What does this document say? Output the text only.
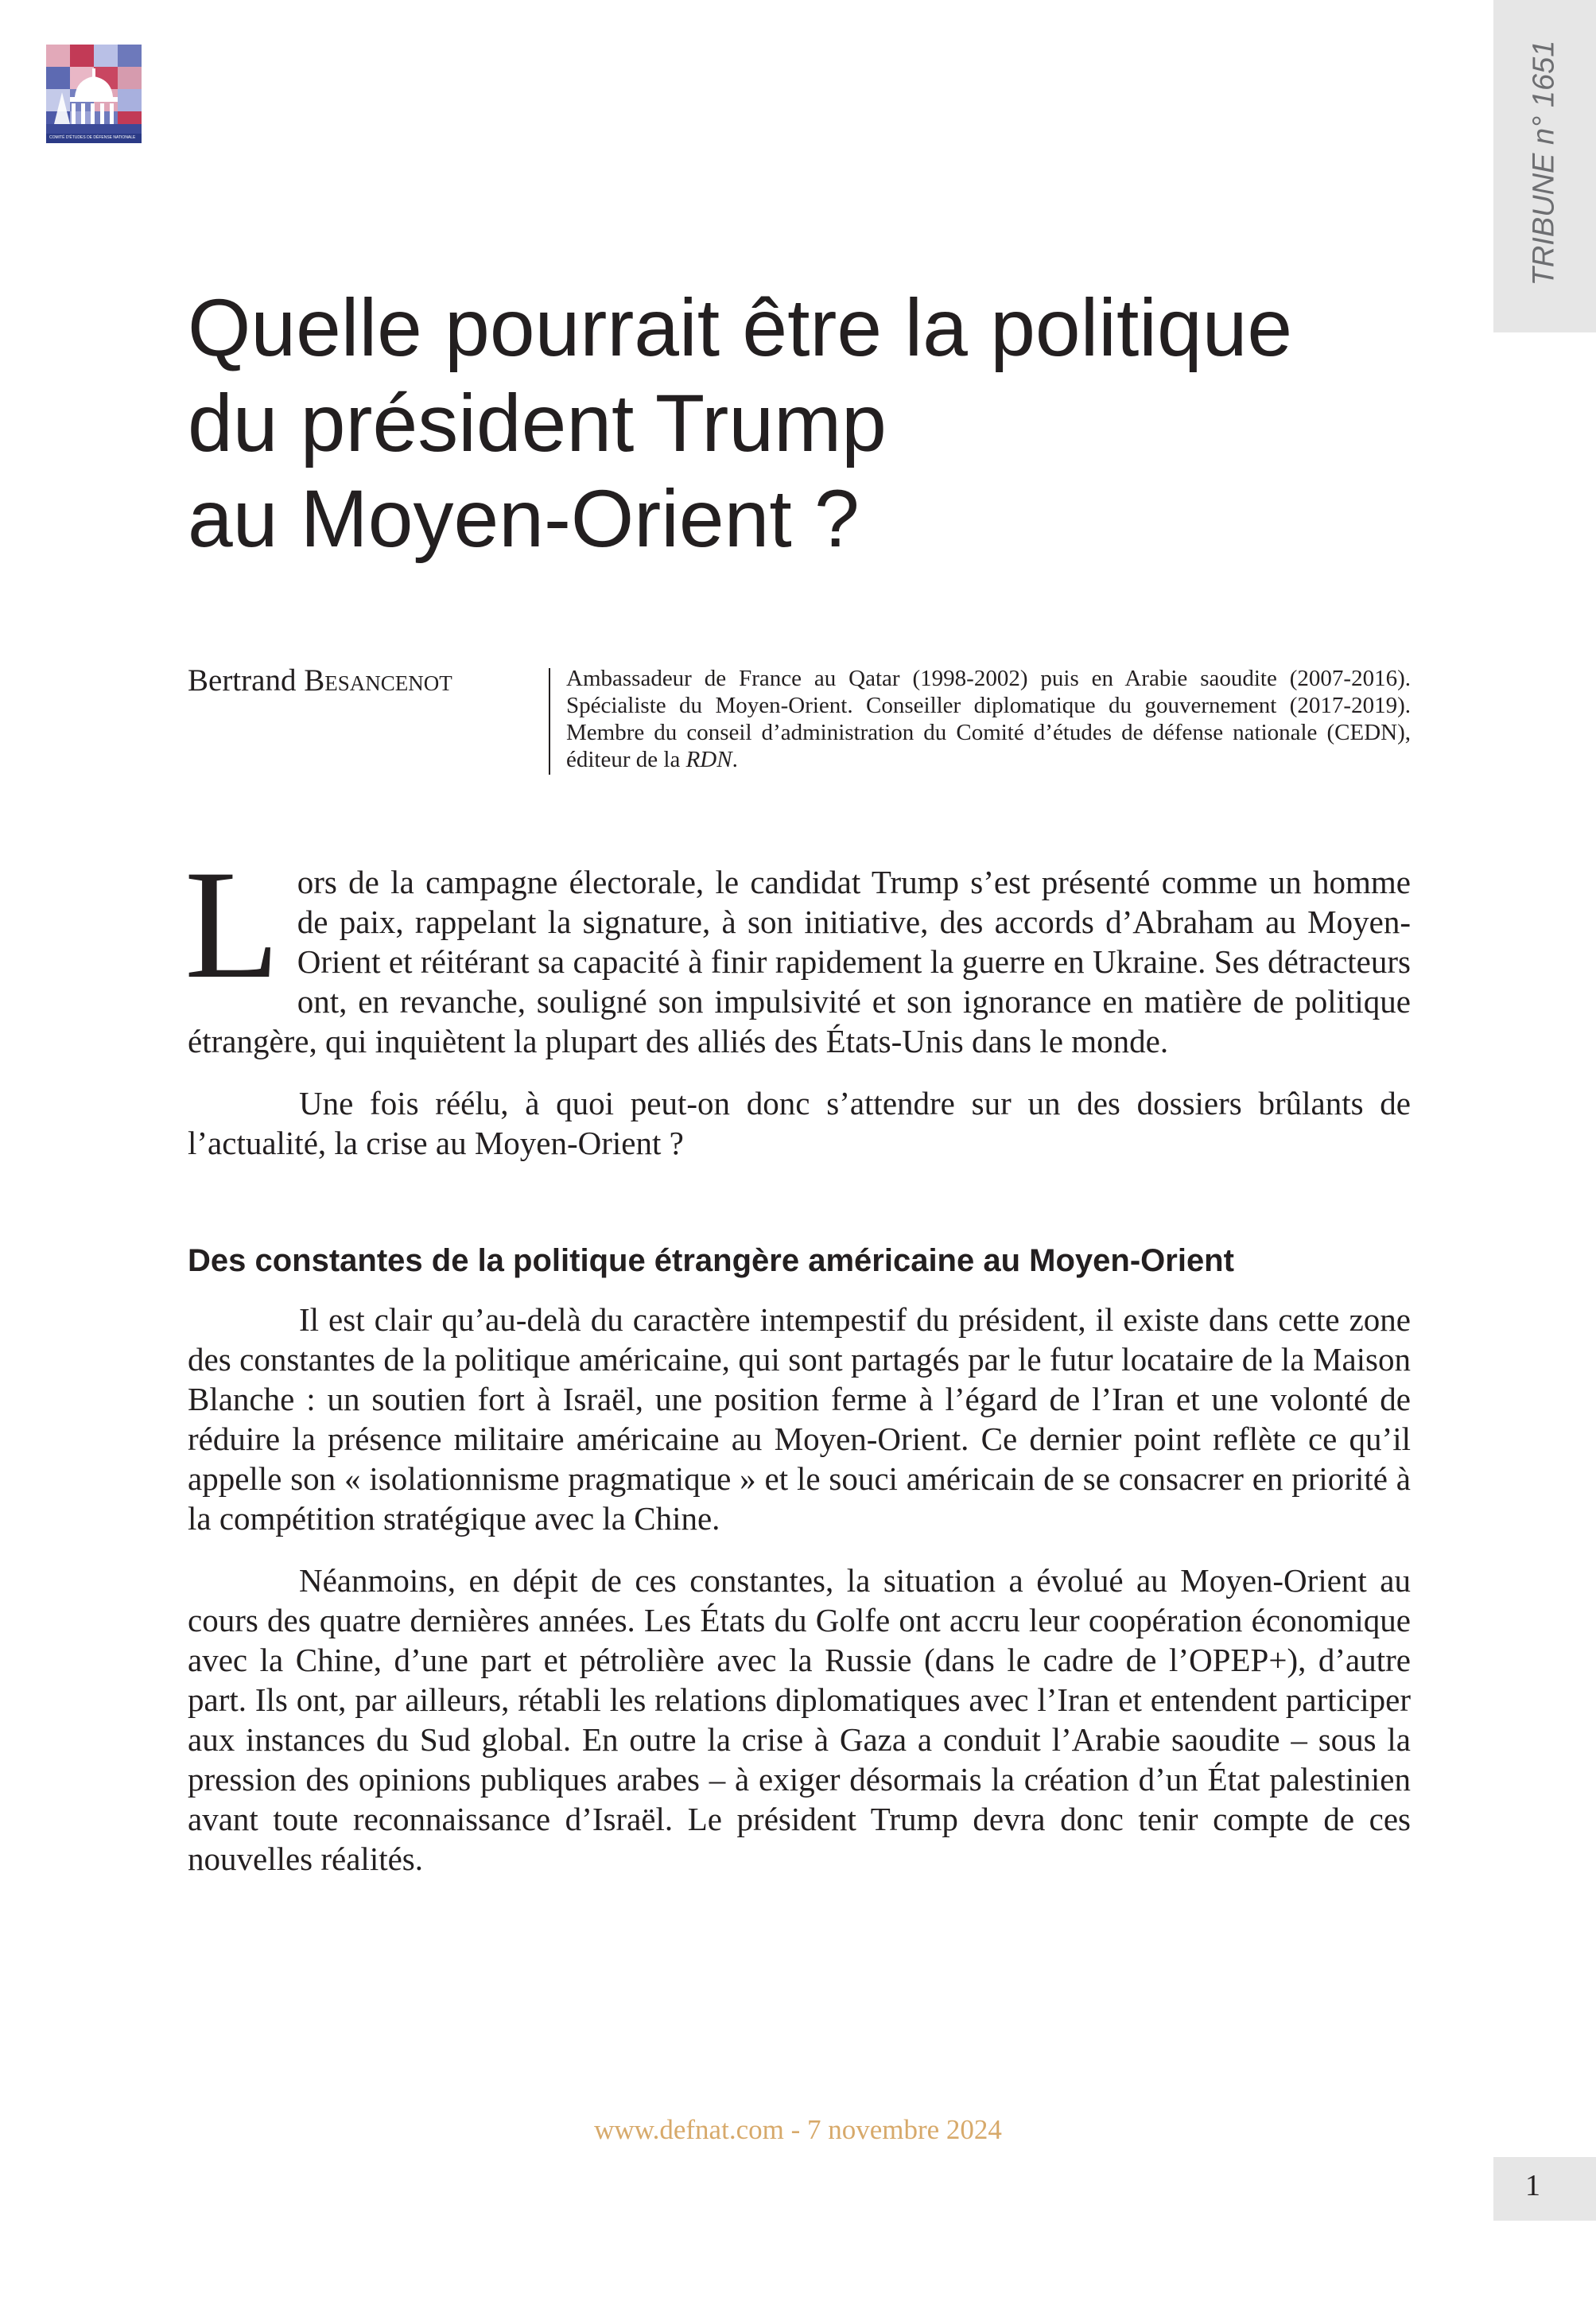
COMITÉ D'ÉTUDES DE DÉFENSE NATIONALE	TRIBUNE n° 1651
Quelle pourrait être la politique
du président Trump
au Moyen-Orient ?
Bertrand Besancenot	Ambassadeur de France au Qatar (1998-2002) puis en Arabie saoudite (2007-2016). Spécialiste du Moyen-Orient. Conseiller diplomatique du gouvernement (2017-2019). Membre du conseil d’administration du Comité d’études de défense nationale (CEDN), éditeur de la RDN.

Lors de la campagne électorale, le candidat Trump s’est présenté comme un homme de paix, rappelant la signature, à son initiative, des accords d’Abraham au Moyen-Orient et réitérant sa capacité à finir rapidement la guerre en Ukraine. Ses détracteurs ont, en revanche, souligné son impulsivité et son ignorance en matière de politique étrangère, qui inquiètent la plupart des alliés des États-Unis dans le monde.

Une fois réélu, à quoi peut-on donc s’attendre sur un des dossiers brûlants de l’actualité, la crise au Moyen-Orient ?

Des constantes de la politique étrangère américaine au Moyen-Orient

Il est clair qu’au-delà du caractère intempestif du président, il existe dans cette zone des constantes de la politique américaine, qui sont partagés par le futur locataire de la Maison Blanche : un soutien fort à Israël, une position ferme à l’égard de l’Iran et une volonté de réduire la présence militaire américaine au Moyen-Orient. Ce dernier point reflète ce qu’il appelle son « isolationnisme pragmatique » et le souci américain de se consacrer en priorité à la compétition stratégique avec la Chine.

Néanmoins, en dépit de ces constantes, la situation a évolué au Moyen-Orient au cours des quatre dernières années. Les États du Golfe ont accru leur coopération économique avec la Chine, d’une part et pétrolière avec la Russie (dans le cadre de l’OPEP+), d’autre part. Ils ont, par ailleurs, rétabli les relations diplomatiques avec l’Iran et entendent participer aux instances du Sud global. En outre la crise à Gaza a conduit l’Arabie saoudite – sous la pression des opinions publiques arabes – à exiger désormais la création d’un État palestinien avant toute reconnaissance d’Israël. Le président Trump devra donc tenir compte de ces nouvelles réalités.

www.defnat.com - 7 novembre 2024
1
